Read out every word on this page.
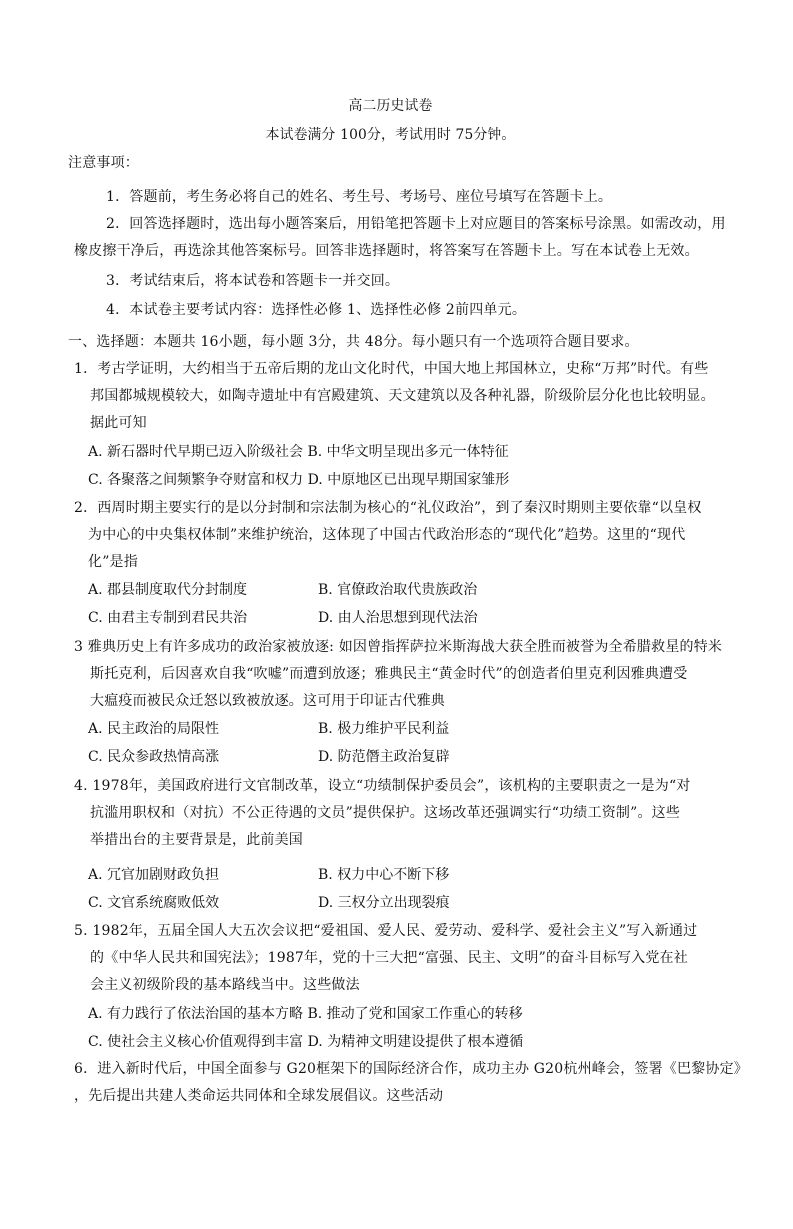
高二历史试卷
本试卷满分 100分，考试用时 75分钟。
注意事项：
1．答题前，考生务必将自己的姓名、考生号、考场号、座位号填写在答题卡上。
2．回答选择题时，选出每小题答案后，用铅笔把答题卡上对应题目的答案标号涂黑。如需改动，用
橡皮擦干净后，再选涂其他答案标号。回答非选择题时，将答案写在答题卡上。写在本试卷上无效。
3．考试结束后，将本试卷和答题卡一并交回。
4．本试卷主要考试内容：选择性必修 1、选择性必修 2前四单元。
一、选择题：本题共 16小题，每小题 3分，共 48分。每小题只有一个选项符合题目要求。
1．考古学证明，大约相当于五帝后期的龙山文化时代，中国大地上邦国林立，史称“万邦”时代。有些
邦国都城规模较大，如陶寺遗址中有宫殿建筑、天文建筑以及各种礼器，阶级阶层分化也比较明显。
据此可知
A. 新石器时代早期已迈入阶级社会 B. 中华文明呈现出多元一体特征
C. 各聚落之间频繁争夺财富和权力 D. 中原地区已出现早期国家雏形
2．西周时期主要实行的是以分封制和宗法制为核心的“礼仪政治”，到了秦汉时期则主要依靠“以皇权
为中心的中央集权体制”来维护统治，这体现了中国古代政治形态的“现代化”趋势。这里的“现代
化”是指
A. 郡县制度取代分封制度	B. 官僚政治取代贵族政治
C. 由君主专制到君民共治	D. 由人治思想到现代法治
3 雅典历史上有许多成功的政治家被放逐: 如因曾指挥萨拉米斯海战大获全胜而被誉为全希腊救星的特米
斯托克利，后因喜欢自我“吹嘘”而遭到放逐；雅典民主“黄金时代”的创造者伯里克利因雅典遭受
大瘟疫而被民众迁怒以致被放逐。这可用于印证古代雅典
A. 民主政治的局限性	B. 极力维护平民利益
C. 民众参政热情高涨	D. 防范僭主政治复辟
4. 1978年，美国政府进行文官制改革，设立“功绩制保护委员会”，该机构的主要职责之一是为“对
抗滥用职权和（对抗）不公正待遇的文员”提供保护。这场改革还强调实行“功绩工资制”。这些
举措出台的主要背景是，此前美国
A. 冗官加剧财政负担	B. 权力中心不断下移
C. 文官系统腐败低效	D. 三权分立出现裂痕
5. 1982年，五届全国人大五次会议把“爱祖国、爱人民、爱劳动、爱科学、爱社会主义”写入新通过
的《中华人民共和国宪法》；1987年，党的十三大把“富强、民主、文明”的奋斗目标写入党在社
会主义初级阶段的基本路线当中。这些做法
A. 有力践行了依法治国的基本方略 B. 推动了党和国家工作重心的转移
C. 使社会主义核心价值观得到丰富 D. 为精神文明建设提供了根本遵循
6．进入新时代后，中国全面参与 G20框架下的国际经济合作，成功主办 G20杭州峰会，签署《巴黎协定》
，先后提出共建人类命运共同体和全球发展倡议。这些活动
